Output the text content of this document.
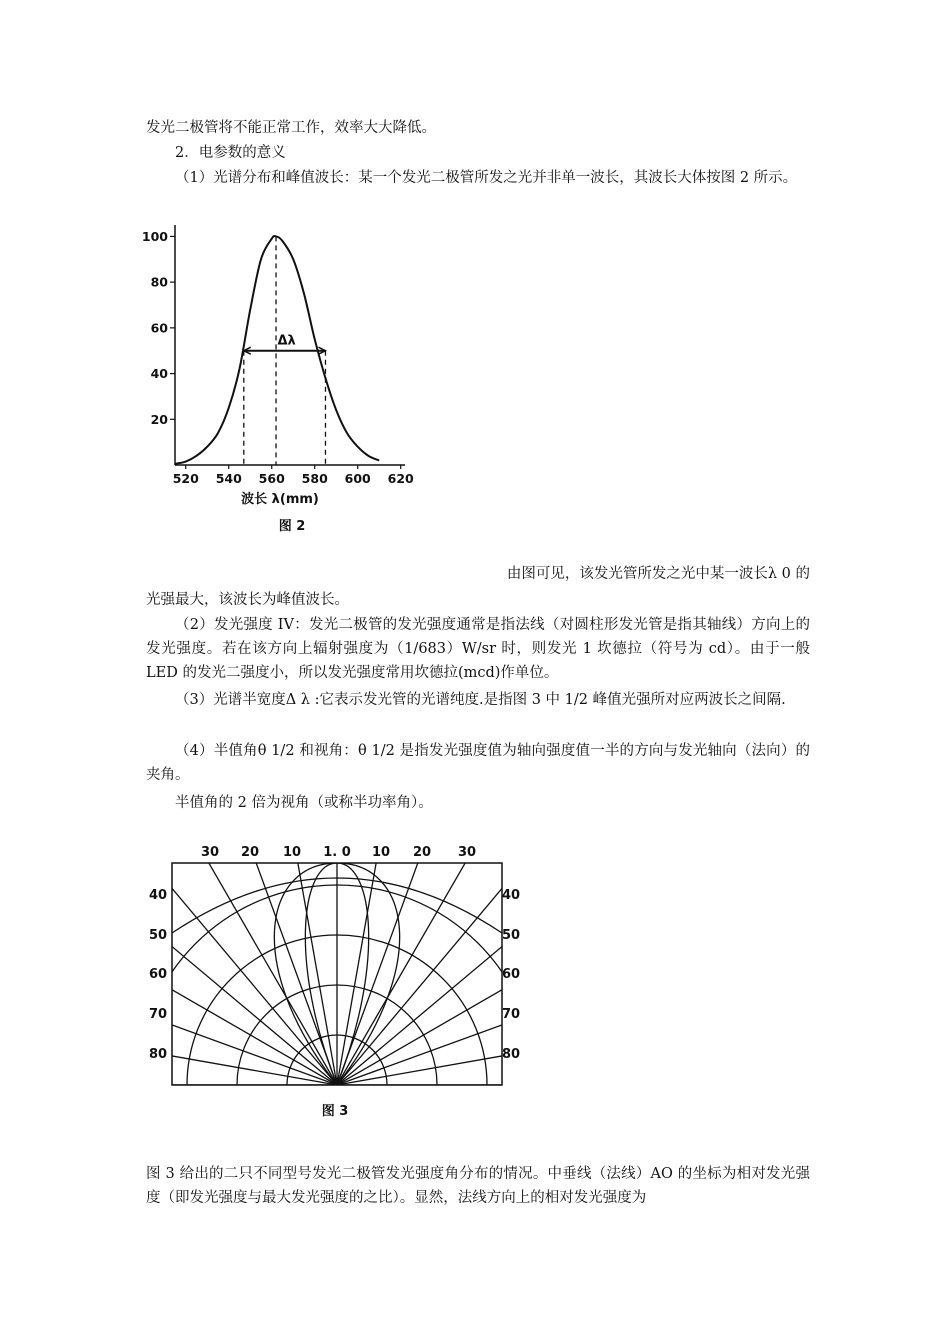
发光二极管将不能正常工作，效率大大降低。

2．电参数的意义

（1）光谱分布和峰值波长：某一个发光二极管所发之光并非单一波长，其波长大体按图 2 所示。

520 540 560 580 600 620
20
40
60
80
100
Δλ
波长 λ(mm)
图 2

由图可见，该发光管所发之光中某一波长λ 0 的

光强最大，该波长为峰值波长。

（2）发光强度 IV：发光二极管的发光强度通常是指法线（对圆柱形发光管是指其轴线）方向上的发光强度。若在该方向上辐射强度为（1/683）W/sr 时，则发光 1 坎德拉（符号为 cd）。由于一般 LED 的发光二强度小，所以发光强度常用坎德拉(mcd)作单位。

（3）光谱半宽度Δ λ :它表示发光管的光谱纯度.是指图 3 中 1/2 峰值光强所对应两波长之间隔.

（4）半值角θ 1/2 和视角：θ 1/2 是指发光强度值为轴向强度值一半的方向与发光轴向（法向）的夹角。

半值角的 2 倍为视角（或称半功率角）。

30 20 10 1. 0 10 20 30
40	40
50	50
60	60
70	70
80	80
图 3

图 3 给出的二只不同型号发光二极管发光强度角分布的情况。中垂线（法线）AO 的坐标为相对发光强度（即发光强度与最大发光强度的之比）。显然，法线方向上的相对发光强度为
